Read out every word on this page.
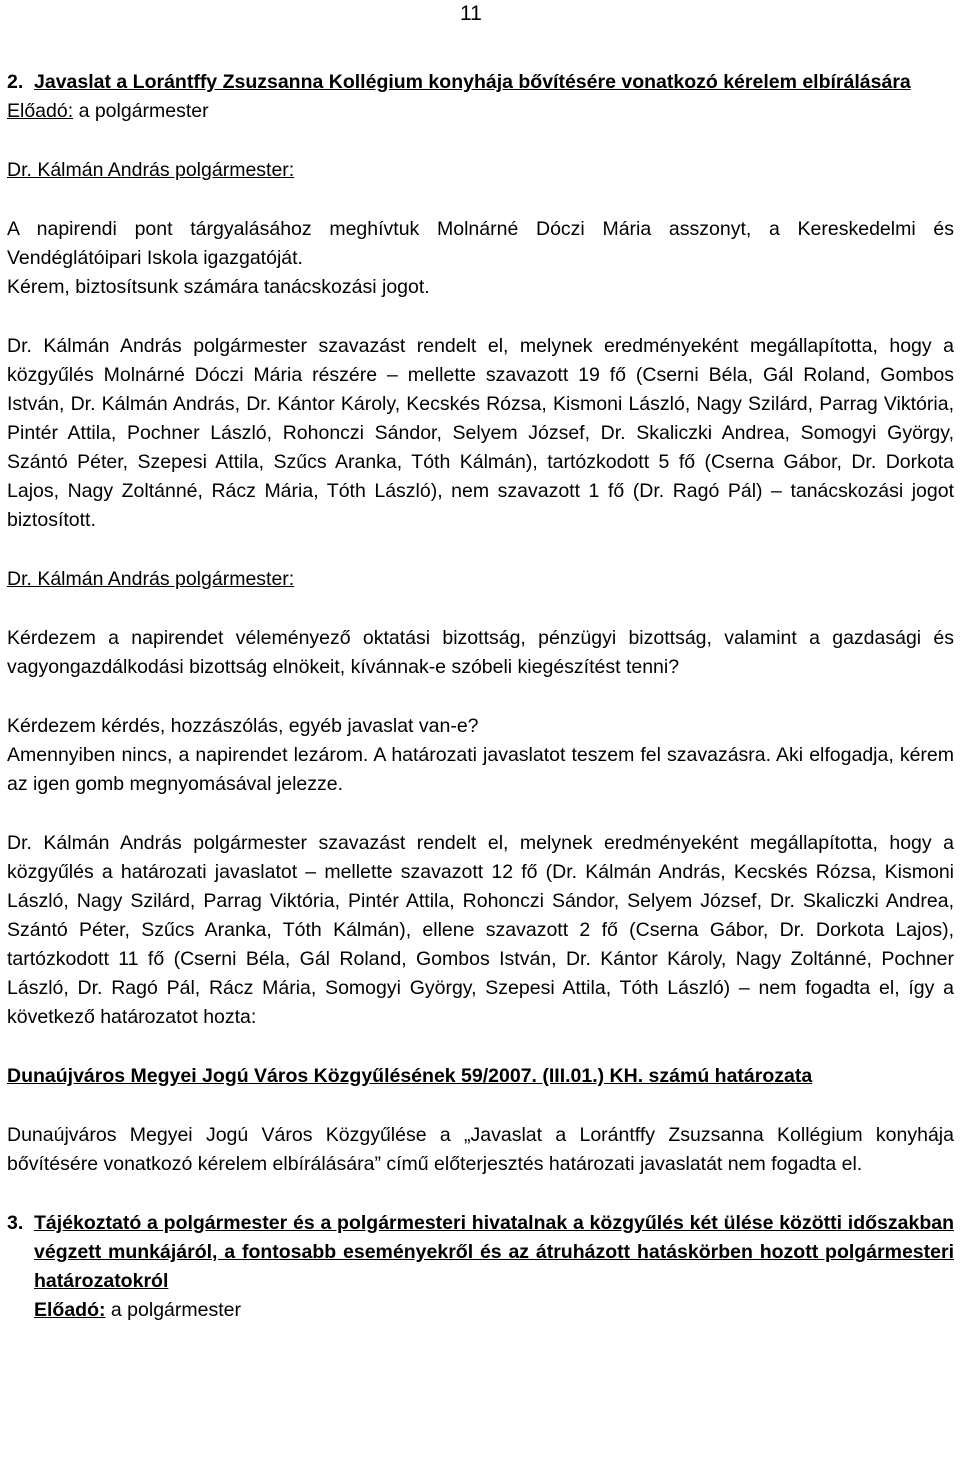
11
2. Javaslat a Lorántffy Zsuzsanna Kollégium konyhája bővítésére vonatkozó kérelem elbírálására

Előadó: a polgármester

Dr. Kálmán András polgármester:

A napirendi pont tárgyalásához meghívtuk Molnárné Dóczi Mária asszonyt, a Kereskedelmi és Vendéglátóipari Iskola igazgatóját.

Kérem, biztosítsunk számára tanácskozási jogot.

Dr. Kálmán András polgármester szavazást rendelt el, melynek eredményeként megállapította, hogy a közgyűlés Molnárné Dóczi Mária részére – mellette szavazott 19 fő (Cserni Béla, Gál Roland, Gombos István, Dr. Kálmán András, Dr. Kántor Károly, Kecskés Rózsa, Kismoni László, Nagy Szilárd, Parrag Viktória, Pintér Attila, Pochner László, Rohonczi Sándor, Selyem József, Dr. Skaliczki Andrea, Somogyi György, Szántó Péter, Szepesi Attila, Szűcs Aranka, Tóth Kálmán), tartózkodott 5 fő (Cserna Gábor, Dr. Dorkota Lajos, Nagy Zoltánné, Rácz Mária, Tóth László), nem szavazott 1 fő (Dr. Ragó Pál) – tanácskozási jogot biztosított.

Dr. Kálmán András polgármester:

Kérdezem a napirendet véleményező oktatási bizottság, pénzügyi bizottság, valamint a gazdasági és vagyongazdálkodási bizottság elnökeit, kívánnak-e szóbeli kiegészítést tenni?

Kérdezem kérdés, hozzászólás, egyéb javaslat van-e?

Amennyiben nincs, a napirendet lezárom. A határozati javaslatot teszem fel szavazásra. Aki elfogadja, kérem az igen gomb megnyomásával jelezze.

Dr. Kálmán András polgármester szavazást rendelt el, melynek eredményeként megállapította, hogy a közgyűlés a határozati javaslatot – mellette szavazott 12 fő (Dr. Kálmán András, Kecskés Rózsa, Kismoni László, Nagy Szilárd, Parrag Viktória, Pintér Attila, Rohonczi Sándor, Selyem József, Dr. Skaliczki Andrea, Szántó Péter, Szűcs Aranka, Tóth Kálmán), ellene szavazott 2 fő (Cserna Gábor, Dr. Dorkota Lajos), tartózkodott 11 fő (Cserni Béla, Gál Roland, Gombos István, Dr. Kántor Károly, Nagy Zoltánné, Pochner László, Dr. Ragó Pál, Rácz Mária, Somogyi György, Szepesi Attila, Tóth László) – nem fogadta el, így a következő határozatot hozta:

Dunaújváros Megyei Jogú Város Közgyűlésének 59/2007. (III.01.) KH. számú határozata

Dunaújváros Megyei Jogú Város Közgyűlése a „Javaslat a Lorántffy Zsuzsanna Kollégium konyhája bővítésére vonatkozó kérelem elbírálására” című előterjesztés határozati javaslatát nem fogadta el.

3. Tájékoztató a polgármester és a polgármesteri hivatalnak a közgyűlés két ülése közötti időszakban végzett munkájáról, a fontosabb eseményekről és az átruházott hatáskörben hozott polgármesteri határozatokról

Előadó: a polgármester
